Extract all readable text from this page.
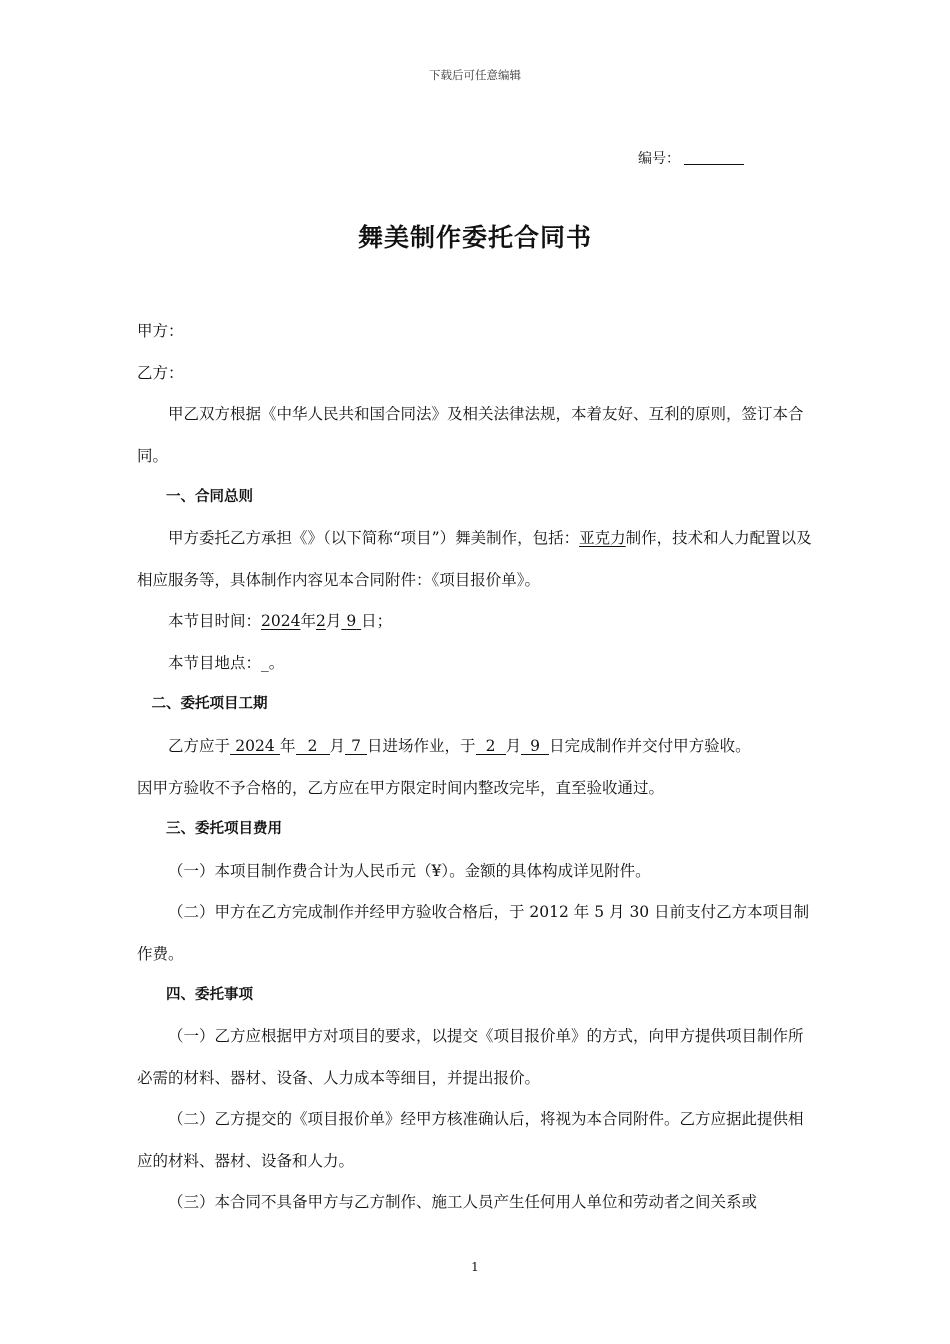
下载后可任意编辑
编号：
舞美制作委托合同书

甲方：

乙方：

甲乙双方根据《中华人民共和国合同法》及相关法律法规，本着友好、互利的原则，签订本合同。

一、合同总则

甲方委托乙方承担《》（以下简称“项目”）舞美制作，包括：亚克力制作，技术和人力配置以及相应服务等，具体制作内容见本合同附件：《项目报价单》。

本节目时间：2024年2月 9 日；

本节目地点：_。

二、委托项目工期

乙方应于 2024 年 2 月 7 日进场作业，于 2 月 9 日完成制作并交付甲方验收。

因甲方验收不予合格的，乙方应在甲方限定时间内整改完毕，直至验收通过。

三、委托项目费用

（一）本项目制作费合计为人民币元（¥）。金额的具体构成详见附件。

（二）甲方在乙方完成制作并经甲方验收合格后，于 2012 年 5 月 30 日前支付乙方本项目制作费。

四、委托事项

（一）乙方应根据甲方对项目的要求，以提交《项目报价单》的方式，向甲方提供项目制作所必需的材料、器材、设备、人力成本等细目，并提出报价。

（二）乙方提交的《项目报价单》经甲方核准确认后，将视为本合同附件。乙方应据此提供相应的材料、器材、设备和人力。

（三）本合同不具备甲方与乙方制作、施工人员产生任何用人单位和劳动者之间关系或

1
